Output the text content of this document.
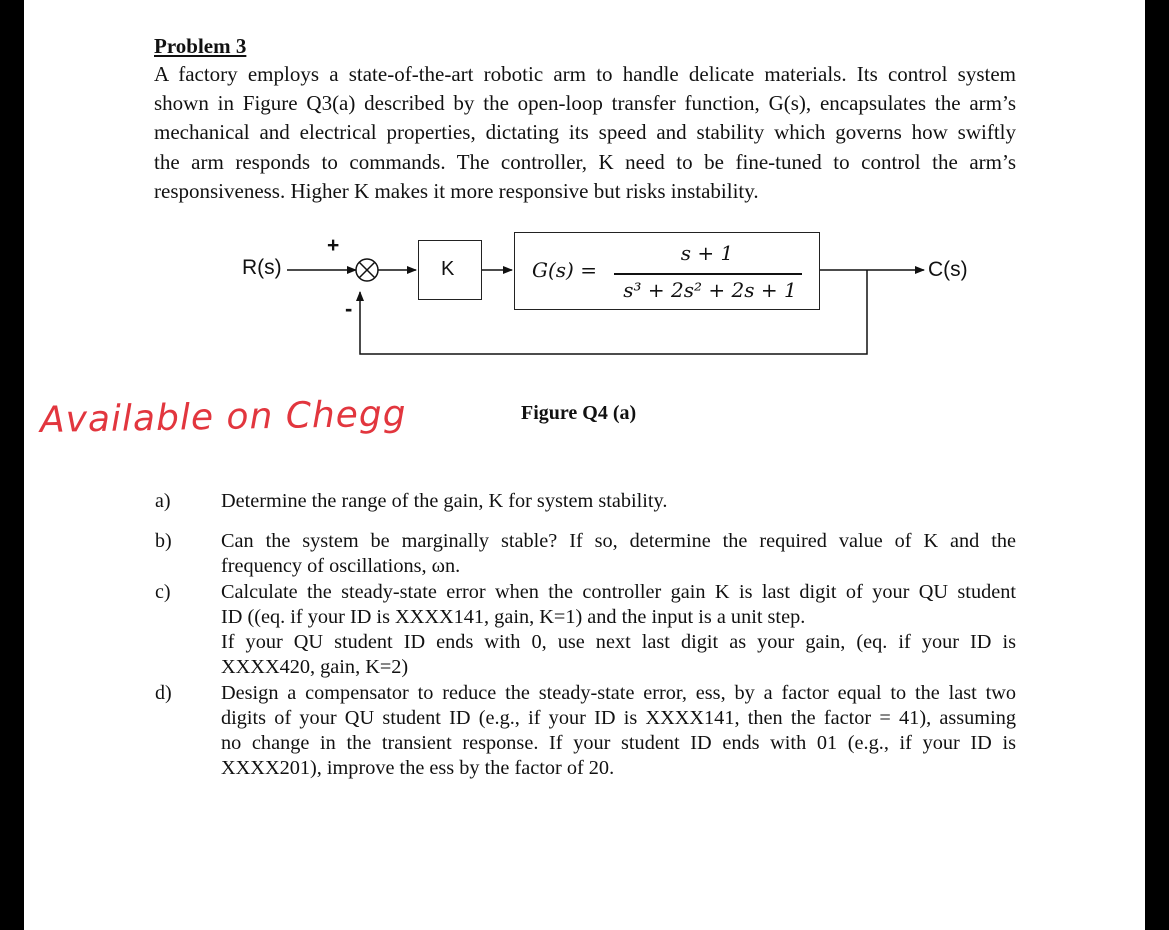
Problem 3
A factory employs a state-of-the-art robotic arm to handle delicate materials. Its control system
shown in Figure Q3(a) described by the open-loop transfer function, G(s), encapsulates the arm’s
mechanical and electrical properties, dictating its speed and stability which governs how swiftly
the arm responds to commands. The controller, K need to be fine-tuned to control the arm’s
responsiveness. Higher K makes it more responsive but risks instability.
R(s)
+
-
K	G(s) =
s + 1
s³ + 2s² + 2s + 1
C(s)
Available on Chegg	Figure Q4 (a)
a) Determine the range of the gain, K for system stability.
b) Can the system be marginally stable? If so, determine the required value of K and the
frequency of oscillations, ωn.
c) Calculate the steady-state error when the controller gain K is last digit of your QU student
ID ((eq. if your ID is XXXX141, gain, K=1) and the input is a unit step.
If your QU student ID ends with 0, use next last digit as your gain, (eq. if your ID is
XXXX420, gain, K=2)
d) Design a compensator to reduce the steady-state error, ess, by a factor equal to the last two
digits of your QU student ID (e.g., if your ID is XXXX141, then the factor = 41), assuming
no change in the transient response. If your student ID ends with 01 (e.g., if your ID is
XXXX201), improve the ess by the factor of 20.
